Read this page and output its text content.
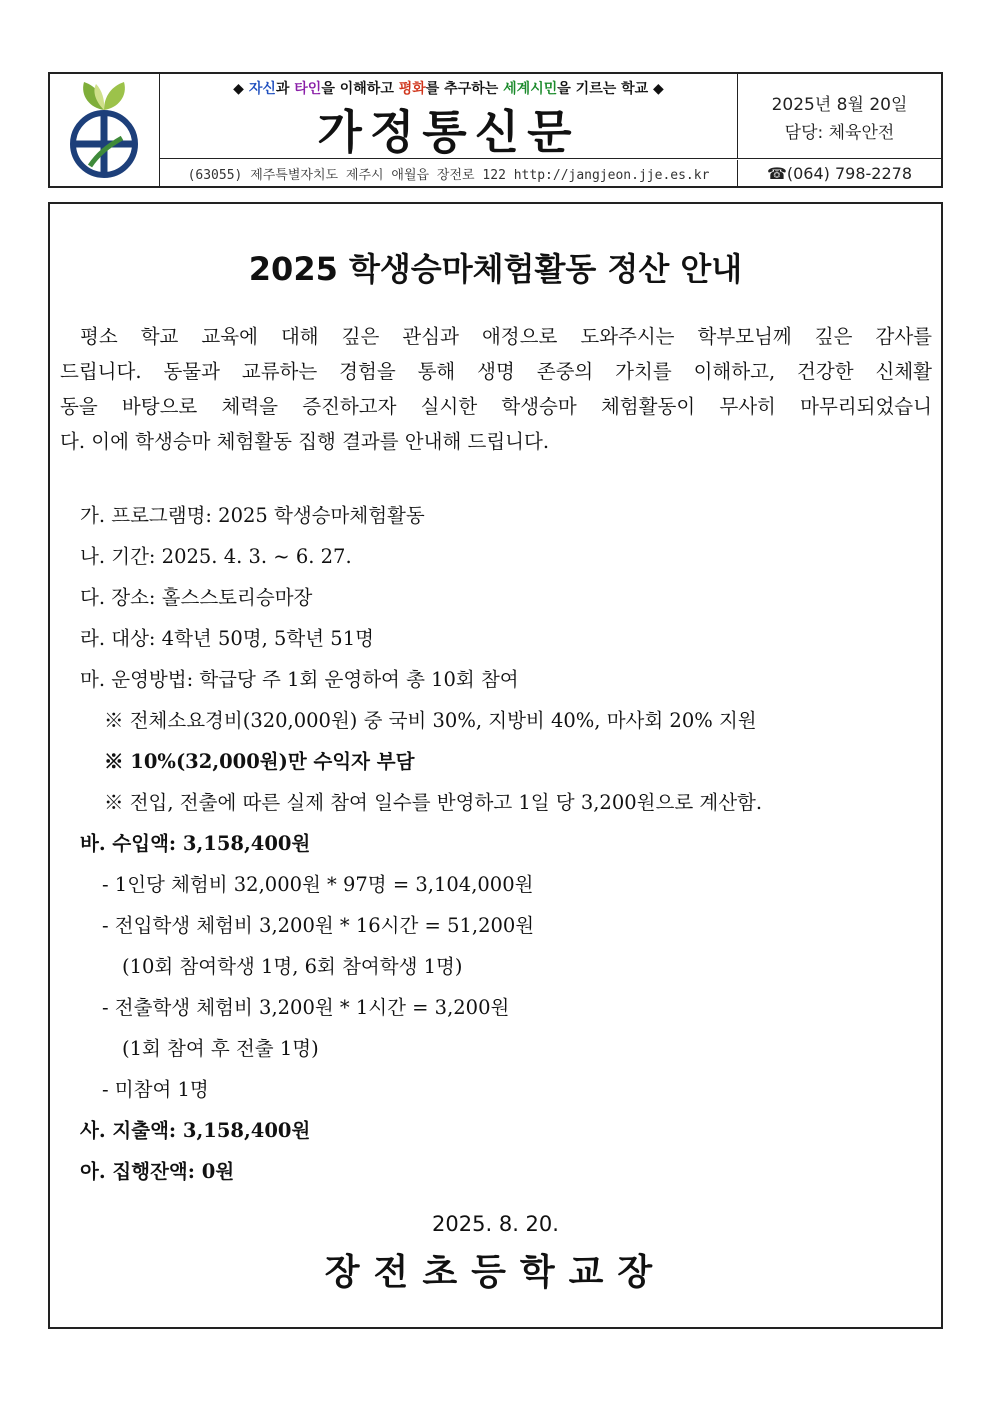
◆ 자신과 타인을 이해하고 평화를 추구하는 세계시민을 기르는 학교 ◆
가정통신문	2025년 8월 20일
담당: 체육안전
(63055) 제주특별자치도 제주시 애월읍 장전로 122 http://jangjeon.jje.es.kr	☎(064) 798-2278
2025 학생승마체험활동 정산 안내
평소 학교 교육에 대해 깊은 관심과 애정으로 도와주시는 학부모님께 깊은 감사를
드립니다. 동물과 교류하는 경험을 통해 생명 존중의 가치를 이해하고, 건강한 신체활
동을 바탕으로 체력을 증진하고자 실시한 학생승마 체험활동이 무사히 마무리되었습니
다. 이에 학생승마 체험활동 집행 결과를 안내해 드립니다.
가. 프로그램명: 2025 학생승마체험활동
나. 기간: 2025. 4. 3. ~ 6. 27.
다. 장소: 홀스스토리승마장
라. 대상: 4학년 50명, 5학년 51명
마. 운영방법: 학급당 주 1회 운영하여 총 10회 참여
※ 전체소요경비(320,000원) 중 국비 30%, 지방비 40%, 마사회 20% 지원
※ 10%(32,000원)만 수익자 부담
※ 전입, 전출에 따른 실제 참여 일수를 반영하고 1일 당 3,200원으로 계산함.
바. 수입액: 3,158,400원
- 1인당 체험비 32,000원 * 97명 = 3,104,000원
- 전입학생 체험비 3,200원 * 16시간 = 51,200원
(10회 참여학생 1명, 6회 참여학생 1명)
- 전출학생 체험비 3,200원 * 1시간 = 3,200원
(1회 참여 후 전출 1명)
- 미참여 1명
사. 지출액: 3,158,400원
아. 집행잔액: 0원
2025. 8. 20.
장전초등학교장
